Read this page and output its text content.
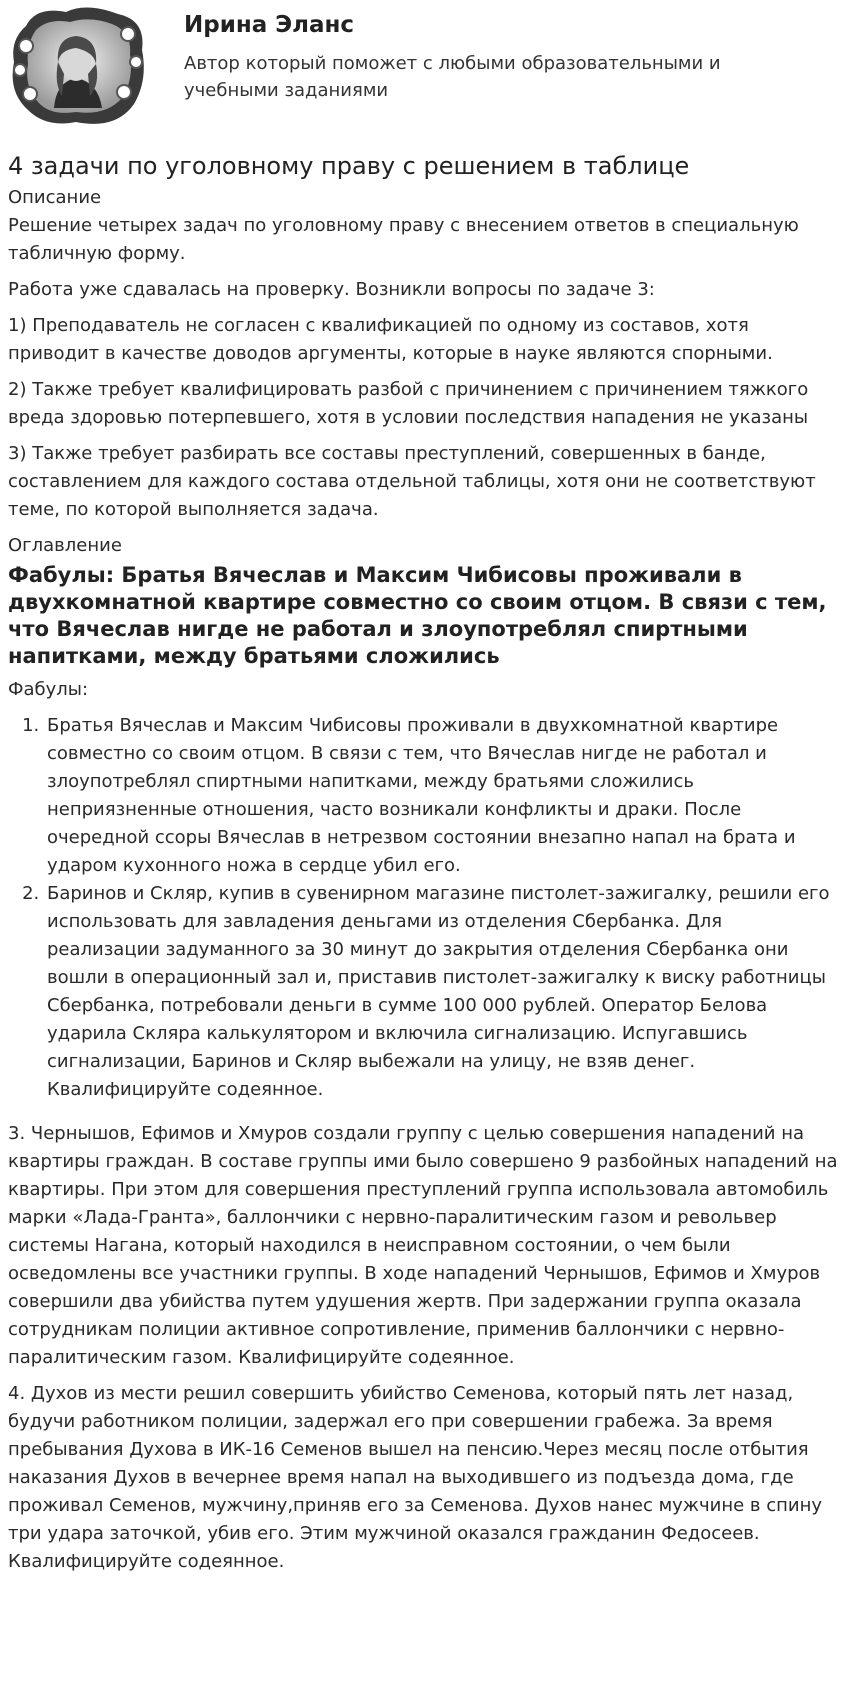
Ирина Эланс
Автор который поможет с любыми образовательными и учебными заданиями
4 задачи по уголовному праву с решением в таблице
Описание

Решение четырех задач по уголовному праву с внесением ответов в специальную табличную форму.

Работа уже сдавалась на проверку. Возникли вопросы по задаче 3:

1) Преподаватель не согласен с квалификацией по одному из составов, хотя приводит в качестве доводов аргументы, которые в науке являются спорными.

2) Также требует квалифицировать разбой с причинением с причинением тяжкого вреда здоровью потерпевшего, хотя в условии последствия нападения не указаны

3) Также требует разбирать все составы преступлений, совершенных в банде, составлением для каждого состава отдельной таблицы, хотя они не соответствуют теме, по которой выполняется задача.

Оглавление
Фабулы: Братья Вячеслав и Максим Чибисовы проживали в двухкомнатной квартире совместно со своим отцом. В связи с тем, что Вячеслав нигде не работал и злоупотреблял спиртными напитками, между братьями сложились
Фабулы:
1. Братья Вячеслав и Максим Чибисовы проживали в двухкомнатной квартире совместно со своим отцом. В связи с тем, что Вячеслав нигде не работал и злоупотреблял спиртными напитками, между братьями сложились неприязненные отношения, часто возникали конфликты и драки. После очередной ссоры Вячеслав в нетрезвом состоянии внезапно напал на брата и ударом кухонного ножа в сердце убил его.
2. Баринов и Скляр, купив в сувенирном магазине пистолет-зажигалку, решили его использовать для завладения деньгами из отделения Сбербанка. Для реализации задуманного за 30 минут до закрытия отделения Сбербанка они вошли в операционный зал и, приставив пистолет-зажигалку к виску работницы Сбербанка, потребовали деньги в сумме 100 000 рублей. Оператор Белова ударила Скляра калькулятором и включила сигнализацию. Испугавшись сигнализации, Баринов и Скляр выбежали на улицу, не взяв денег. Квалифицируйте содеянное.

3. Чернышов, Ефимов и Хмуров создали группу с целью совершения нападений на квартиры граждан. В составе группы ими было совершено 9 разбойных нападений на квартиры. При этом для совершения преступлений группа использовала автомобиль марки «Лада-Гранта», баллончики с нервно-паралитическим газом и револьвер системы Нагана, который находился в неисправном состоянии, о чем были осведомлены все участники группы. В ходе нападений Чернышов, Ефимов и Хмуров совершили два убийства путем удушения жертв. При задержании группа оказала сотрудникам полиции активное сопротивление, применив баллончики с нервно-паралитическим газом. Квалифицируйте содеянное.

4. Духов из мести решил совершить убийство Семенова, который пять лет назад, будучи работником полиции, задержал его при совершении грабежа. За время пребывания Духова в ИК-16 Семенов вышел на пенсию.Через месяц после отбытия наказания Духов в вечернее время напал на выходившего из подъезда дома, где проживал Семенов, мужчину,приняв его за Семенова. Духов нанес мужчине в спину три удара заточкой, убив его. Этим мужчиной оказался гражданин Федосеев. Квалифицируйте содеянное.
